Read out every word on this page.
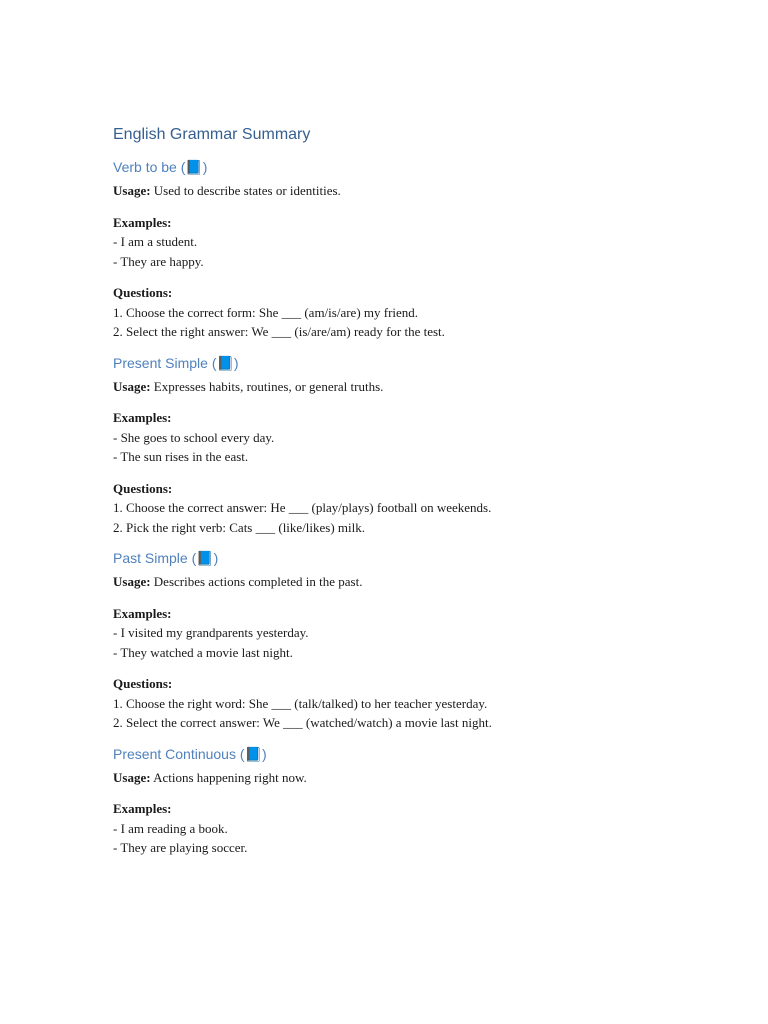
English Grammar Summary
Verb to be (📘)

Usage: Used to describe states or identities.

Examples:

- I am a student.

- They are happy.

Questions:

1. Choose the correct form: She ___ (am/is/are) my friend.

2. Select the right answer: We ___ (is/are/am) ready for the test.

Present Simple (📘)

Usage: Expresses habits, routines, or general truths.

Examples:

- She goes to school every day.

- The sun rises in the east.

Questions:

1. Choose the correct answer: He ___ (play/plays) football on weekends.

2. Pick the right verb: Cats ___ (like/likes) milk.

Past Simple (📘)

Usage: Describes actions completed in the past.

Examples:

- I visited my grandparents yesterday.

- They watched a movie last night.

Questions:

1. Choose the right word: She ___ (talk/talked) to her teacher yesterday.

2. Select the correct answer: We ___ (watched/watch) a movie last night.

Present Continuous (📘)

Usage: Actions happening right now.

Examples:

- I am reading a book.

- They are playing soccer.
